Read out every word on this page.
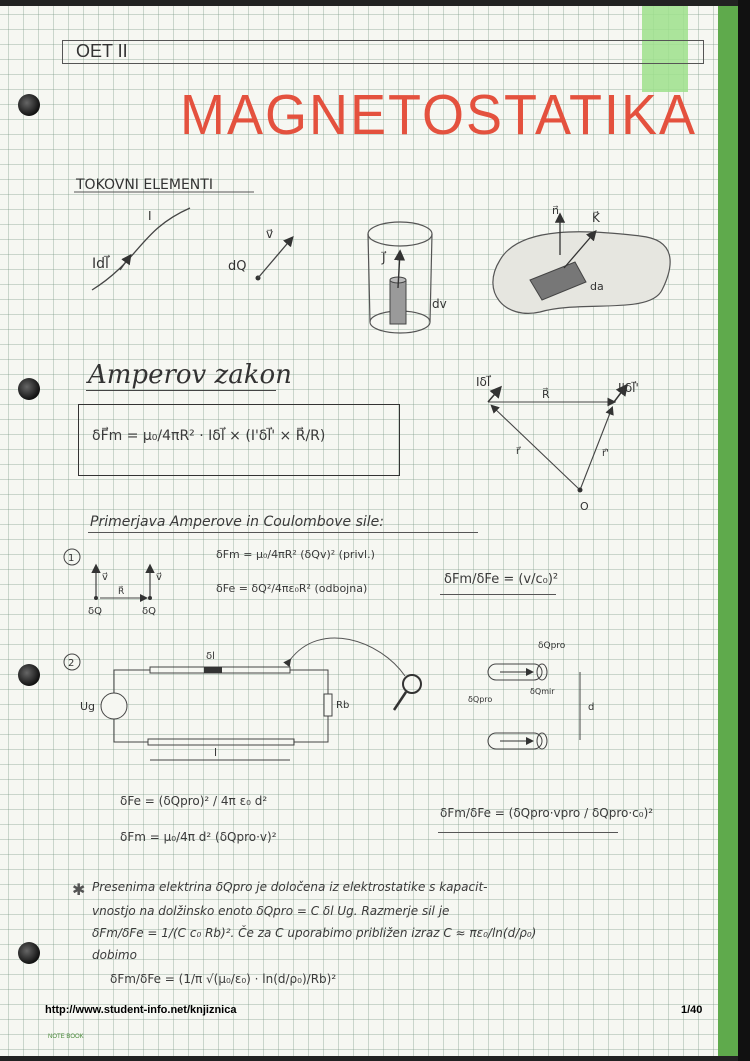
OET II
MAGNETOSTATIKA
TOKOVNI ELEMENTI
I
Idl⃗
v⃗
dQ
J⃗
dv
n⃗
K⃗
da
Amperov zakon
δF⃗m = μ₀/4πR² · Iδl⃗ × (I'δl⃗' × R⃗/R)
Iδl⃗
R⃗	I'δl⃗'
r⃗	r⃗'
O
Primerjava Amperove in Coulombove sile:
1
v⃗	v⃗
R⃗
δQ	δQ
2
δl
Ug	Rb
l
δQpro
δQmir
δQpro
d
δFm = μ₀/4πR² (δQv)² (privl.)
δFe = δQ²/4πε₀R² (odbojna)
δFm/δFe = (v/c₀)²
δFe = (δQpro)² / 4π ε₀ d²
δFm = μ₀/4π d² (δQpro·v)²
δFm/δFe = (δQpro·vpro / δQpro·c₀)²
✱ Presenima elektrina δQpro je določena iz elektrostatike s kapacit-
vnostjo na dolžinsko enoto δQpro = C δl Ug. Razmerje sil je
δFm/δFe = 1/(C c₀ Rb)². Če za C uporabimo približen izraz C ≈ πε₀/ln(d/ρ₀)
dobimo
δFm/δFe = (1/π √(μ₀/ε₀) · ln(d/ρ₀)/Rb)²
http://www.student-info.net/knjiznica	1/40
NOTE BOOK
